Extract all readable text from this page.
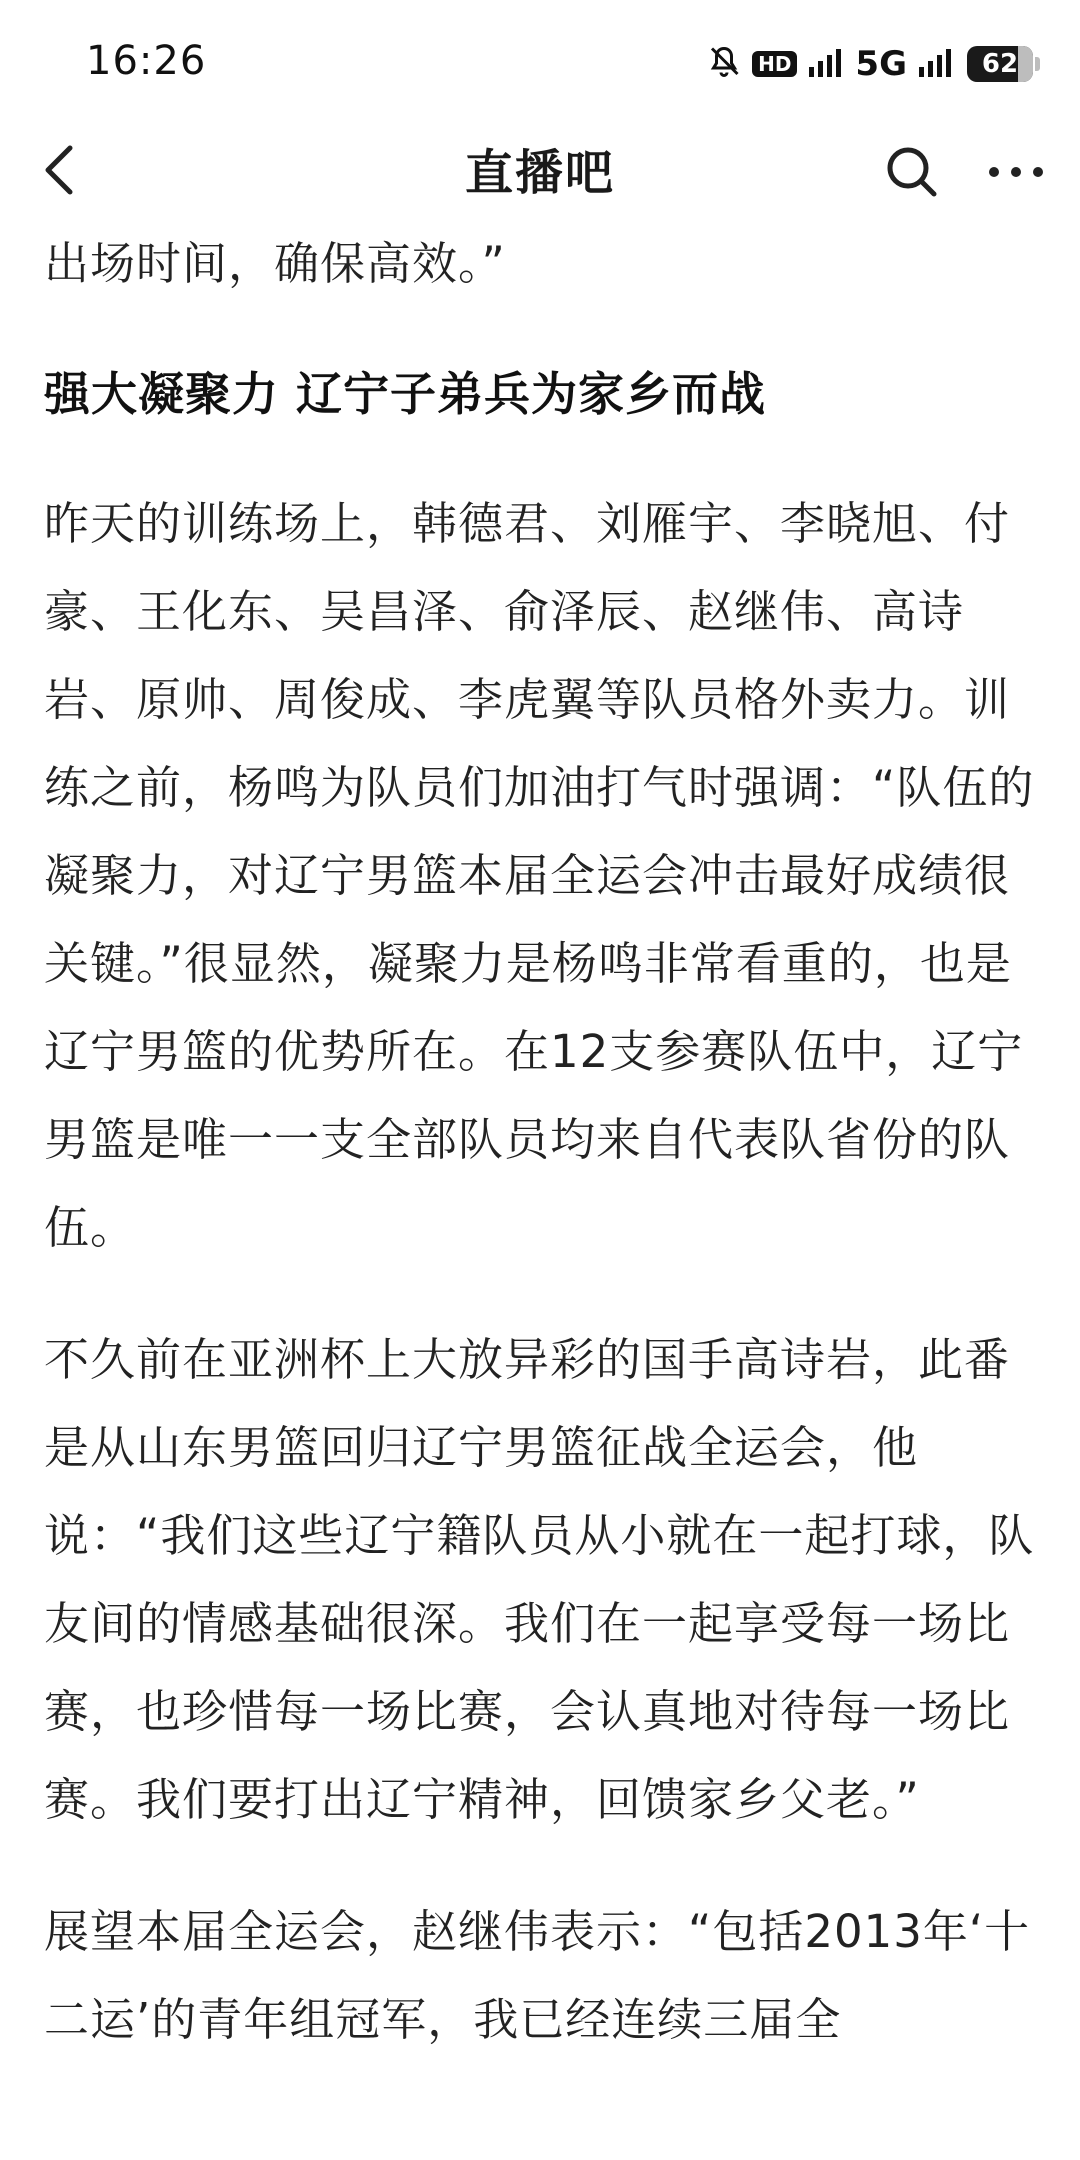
16:26	HD 5G	62
直播吧

出场时间，确保高效。”

强大凝聚力 辽宁子弟兵为家乡而战

昨天的训练场上，韩德君、刘雁宇、李晓旭、付豪、王化东、吴昌泽、俞泽辰、赵继伟、高诗岩、原帅、周俊成、李虎翼等队员格外卖力。训练之前，杨鸣为队员们加油打气时强调：“队伍的凝聚力，对辽宁男篮本届全运会冲击最好成绩很关键。”很显然，凝聚力是杨鸣非常看重的，也是辽宁男篮的优势所在。在12支参赛队伍中，辽宁男篮是唯一一支全部队员均来自代表队省份的队伍。

不久前在亚洲杯上大放异彩的国手高诗岩，此番是从山东男篮回归辽宁男篮征战全运会，他说：“我们这些辽宁籍队员从小就在一起打球，队友间的情感基础很深。我们在一起享受每一场比赛，也珍惜每一场比赛，会认真地对待每一场比赛。我们要打出辽宁精神，回馈家乡父老。”

展望本届全运会，赵继伟表示：“包括2013年‘十二运’的青年组冠军，我已经连续三届全
